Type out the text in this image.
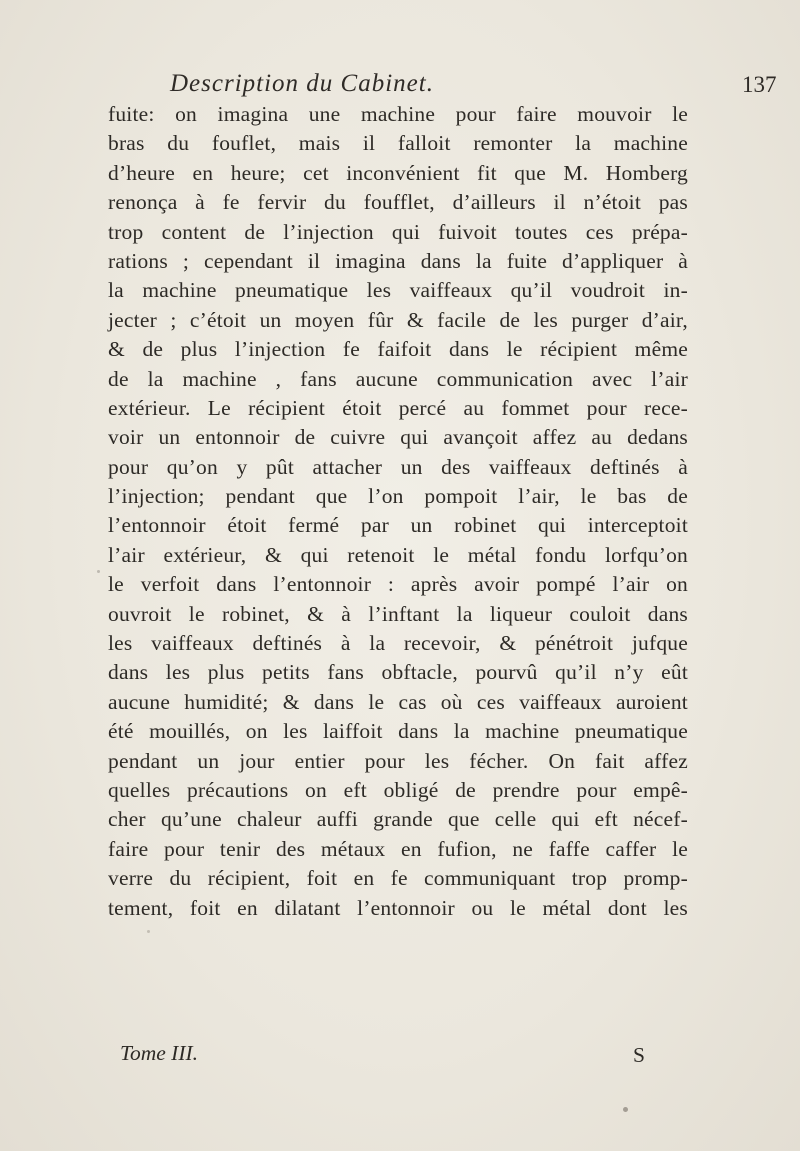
Description du Cabinet.	137
fuite: on imagina une machine pour faire mouvoir le
bras du fouflet, mais il falloit remonter la machine
d’heure en heure; cet inconvénient fit que M. Homberg
renonça à fe fervir du foufflet, d’ailleurs il n’étoit pas
trop content de l’injection qui fuivoit toutes ces prépa-
rations ; cependant il imagina dans la fuite d’appliquer à
la machine pneumatique les vaiffeaux qu’il voudroit in-
jecter ; c’étoit un moyen fûr & facile de les purger d’air,
& de plus l’injection fe faifoit dans le récipient même
de la machine , fans aucune communication avec l’air
extérieur. Le récipient étoit percé au fommet pour rece-
voir un entonnoir de cuivre qui avançoit affez au dedans
pour qu’on y pût attacher un des vaiffeaux deftinés à
l’injection; pendant que l’on pompoit l’air, le bas de
l’entonnoir étoit fermé par un robinet qui interceptoit
l’air extérieur, & qui retenoit le métal fondu lorfqu’on
le verfoit dans l’entonnoir : après avoir pompé l’air on
ouvroit le robinet, & à l’inftant la liqueur couloit dans
les vaiffeaux deftinés à la recevoir, & pénétroit jufque
dans les plus petits fans obftacle, pourvû qu’il n’y eût
aucune humidité; & dans le cas où ces vaiffeaux auroient
été mouillés, on les laiffoit dans la machine pneumatique
pendant un jour entier pour les fécher. On fait affez
quelles précautions on eft obligé de prendre pour empê-
cher qu’une chaleur auffi grande que celle qui eft nécef-
faire pour tenir des métaux en fufion, ne faffe caffer le
verre du récipient, foit en fe communiquant trop promp-
tement, foit en dilatant l’entonnoir ou le métal dont les
Tome III.	S
